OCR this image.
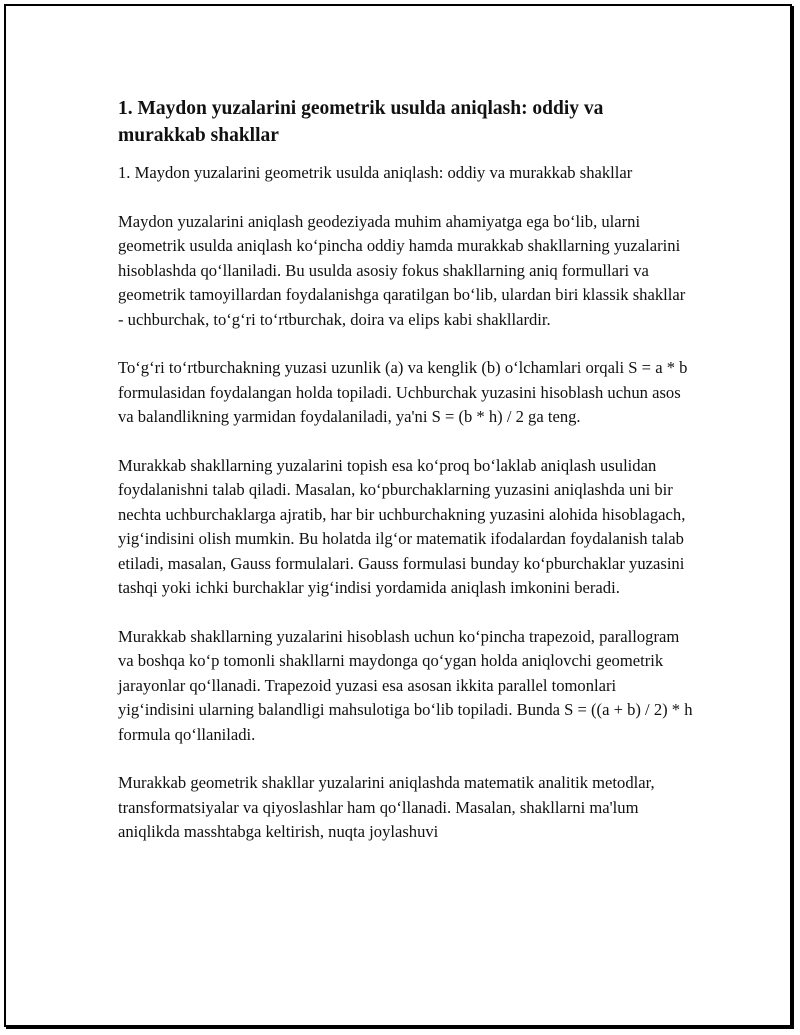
1. Maydon yuzalarini geometrik usulda aniqlash: oddiy va murakkab shakllar

1. Maydon yuzalarini geometrik usulda aniqlash: oddiy va murakkab shakllar

Maydon yuzalarini aniqlash geodeziyada muhim ahamiyatga ega bo‘lib, ularni geometrik usulda aniqlash ko‘pincha oddiy hamda murakkab shakllarning yuzalarini hisoblashda qo‘llaniladi. Bu usulda asosiy fokus shakllarning aniq formullari va geometrik tamoyillardan foydalanishga qaratilgan bo‘lib, ulardan biri klassik shakllar - uchburchak, to‘g‘ri to‘rtburchak, doira va elips kabi shakllardir.

To‘g‘ri to‘rtburchakning yuzasi uzunlik (a) va kenglik (b) o‘lchamlari orqali S = a * b formulasidan foydalangan holda topiladi. Uchburchak yuzasini hisoblash uchun asos va balandlikning yarmidan foydalaniladi, ya'ni S = (b * h) / 2 ga teng.

Murakkab shakllarning yuzalarini topish esa ko‘proq bo‘laklab aniqlash usulidan foydalanishni talab qiladi. Masalan, ko‘pburchaklarning yuzasini aniqlashda uni bir nechta uchburchaklarga ajratib, har bir uchburchakning yuzasini alohida hisoblagach, yig‘indisini olish mumkin. Bu holatda ilg‘or matematik ifodalardan foydalanish talab etiladi, masalan, Gauss formulalari. Gauss formulasi bunday ko‘pburchaklar yuzasini tashqi yoki ichki burchaklar yig‘indisi yordamida aniqlash imkonini beradi.

Murakkab shakllarning yuzalarini hisoblash uchun ko‘pincha trapezoid, parallogram va boshqa ko‘p tomonli shakllarni maydonga qo‘ygan holda aniqlovchi geometrik jarayonlar qo‘llanadi. Trapezoid yuzasi esa asosan ikkita parallel tomonlari yig‘indisini ularning balandligi mahsulotiga bo‘lib topiladi. Bunda S = ((a + b) / 2) * h formula qo‘llaniladi.

Murakkab geometrik shakllar yuzalarini aniqlashda matematik analitik metodlar, transformatsiyalar va qiyoslashlar ham qo‘llanadi. Masalan, shakllarni ma'lum aniqlikda masshtabga keltirish, nuqta joylashuvi
